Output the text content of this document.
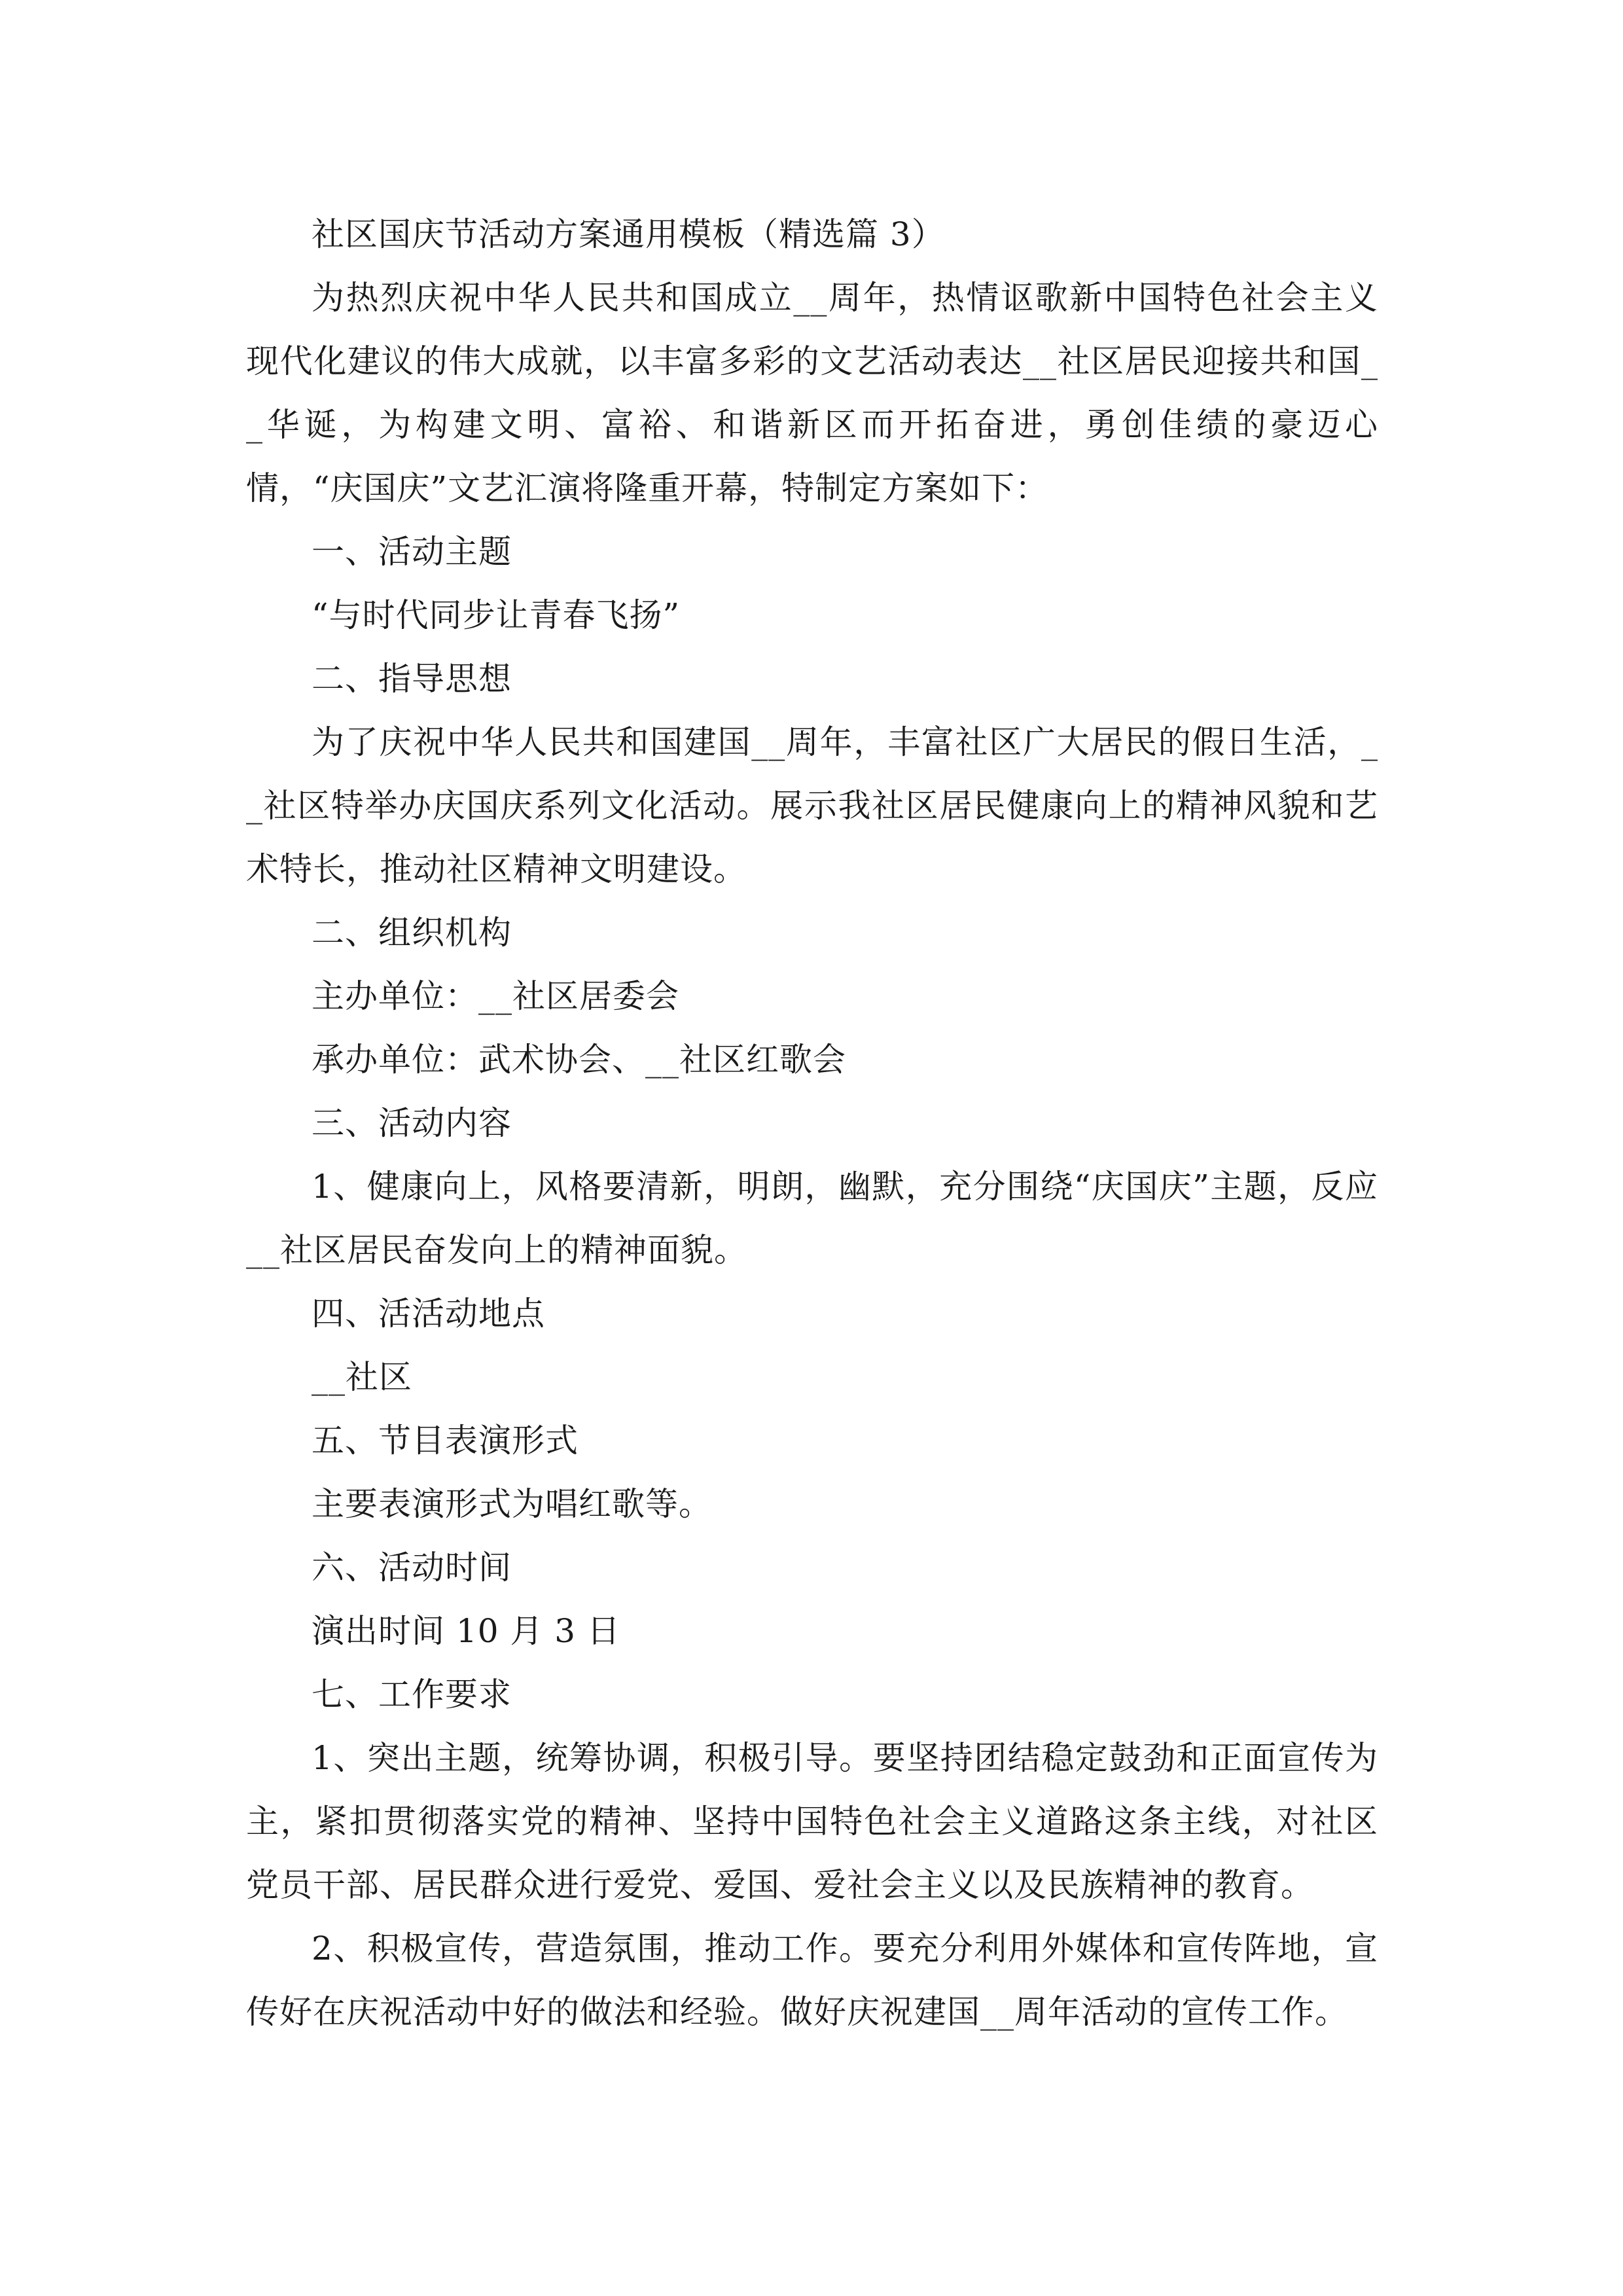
社区国庆节活动方案通用模板（精选篇 3）

为热烈庆祝中华人民共和国成立__周年，热情讴歌新中国特色社会主义现代化建议的伟大成就，以丰富多彩的文艺活动表达__社区居民迎接共和国__华诞，为构建文明、富裕、和谐新区而开拓奋进，勇创佳绩的豪迈心情，“庆国庆”文艺汇演将隆重开幕，特制定方案如下：

一、活动主题

“与时代同步让青春飞扬”

二、指导思想

为了庆祝中华人民共和国建国__周年，丰富社区广大居民的假日生活，__社区特举办庆国庆系列文化活动。展示我社区居民健康向上的精神风貌和艺术特长，推动社区精神文明建设。

二、组织机构

主办单位：__社区居委会

承办单位：武术协会、__社区红歌会

三、活动内容

1、健康向上，风格要清新，明朗，幽默，充分围绕“庆国庆”主题，反应__社区居民奋发向上的精神面貌。

四、活活动地点

__社区

五、节目表演形式

主要表演形式为唱红歌等。

六、活动时间

演出时间 10 月 3 日

七、工作要求

1、突出主题，统筹协调，积极引导。要坚持团结稳定鼓劲和正面宣传为主，紧扣贯彻落实党的精神、坚持中国特色社会主义道路这条主线，对社区党员干部、居民群众进行爱党、爱国、爱社会主义以及民族精神的教育。

2、积极宣传，营造氛围，推动工作。要充分利用外媒体和宣传阵地，宣传好在庆祝活动中好的做法和经验。做好庆祝建国__周年活动的宣传工作。
